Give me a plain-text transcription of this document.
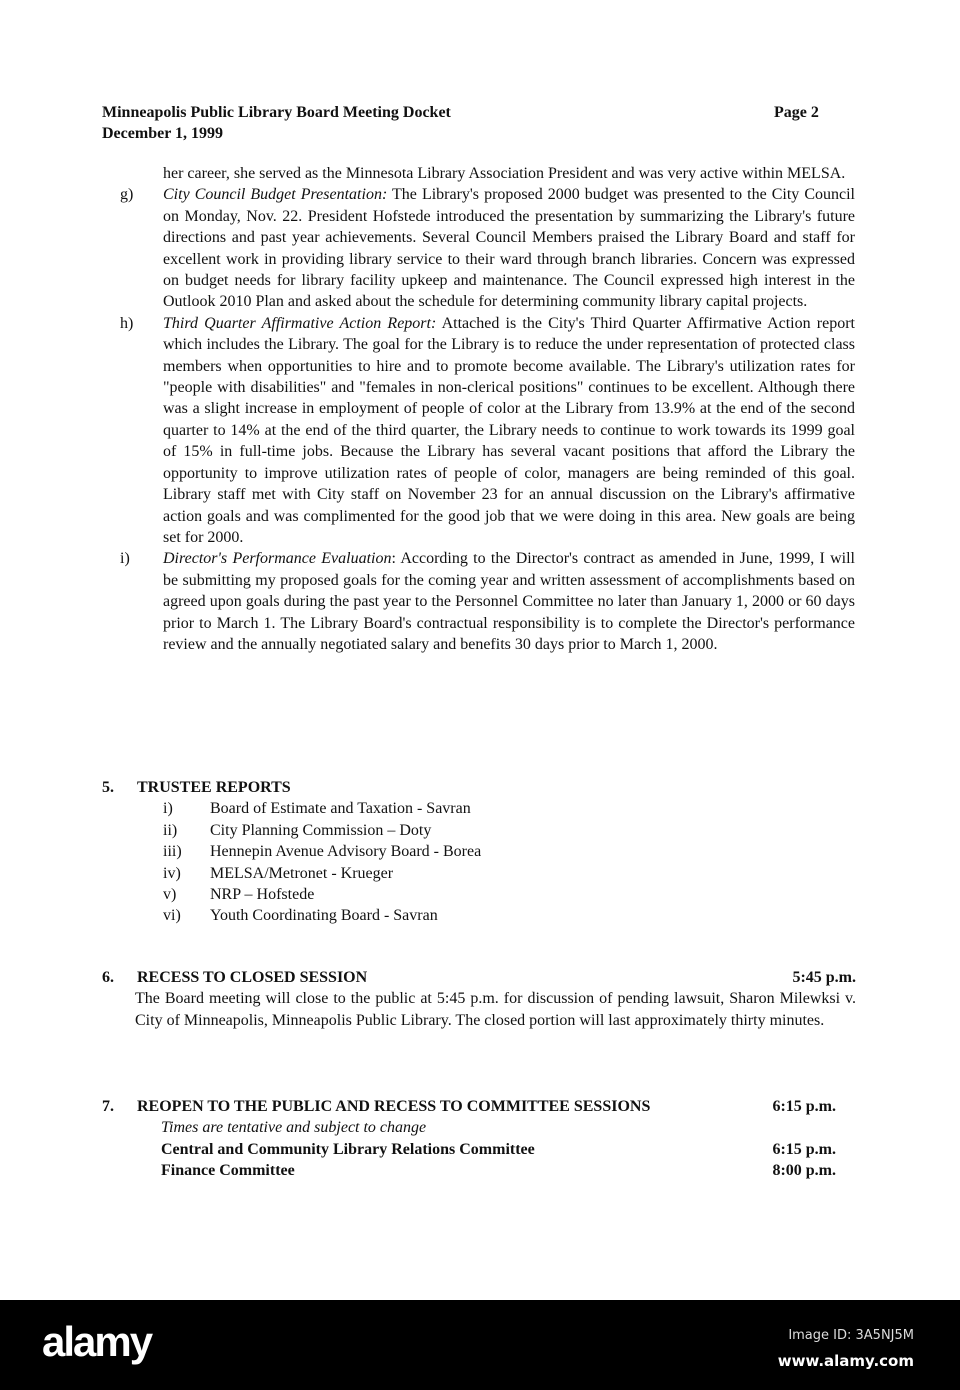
Minneapolis Public Library Board Meeting Docket
December 1, 1999
Page 2
her career, she served as the Minnesota Library Association President and was very active within MELSA.
g)	City Council Budget Presentation: The Library's proposed 2000 budget was presented to the City Council on Monday, Nov. 22. President Hofstede introduced the presentation by summarizing the Library's future directions and past year achievements. Several Council Members praised the Library Board and staff for excellent work in providing library service to their ward through branch libraries. Concern was expressed on budget needs for library facility upkeep and maintenance. The Council expressed high interest in the Outlook 2010 Plan and asked about the schedule for determining community library capital projects.
h)	Third Quarter Affirmative Action Report: Attached is the City's Third Quarter Affirmative Action report which includes the Library. The goal for the Library is to reduce the under representation of protected class members when opportunities to hire and to promote become available. The Library's utilization rates for "people with disabilities" and "females in non-clerical positions" continues to be excellent. Although there was a slight increase in employment of people of color at the Library from 13.9% at the end of the second quarter to 14% at the end of the third quarter, the Library needs to continue to work towards its 1999 goal of 15% in full-time jobs. Because the Library has several vacant positions that afford the Library the opportunity to improve utilization rates of people of color, managers are being reminded of this goal. Library staff met with City staff on November 23 for an annual discussion on the Library's affirmative action goals and was complimented for the good job that we were doing in this area. New goals are being set for 2000.
i)	Director's Performance Evaluation: According to the Director's contract as amended in June, 1999, I will be submitting my proposed goals for the coming year and written assessment of accomplishments based on agreed upon goals during the past year to the Personnel Committee no later than January 1, 2000 or 60 days prior to March 1. The Library Board's contractual responsibility is to complete the Director's performance review and the annually negotiated salary and benefits 30 days prior to March 1, 2000.
5. TRUSTEE REPORTS
i) Board of Estimate and Taxation - Savran
ii) City Planning Commission – Doty
iii) Hennepin Avenue Advisory Board - Borea
iv) MELSA/Metronet - Krueger
v) NRP – Hofstede
vi) Youth Coordinating Board - Savran
6. RECESS TO CLOSED SESSION	5:45 p.m.
The Board meeting will close to the public at 5:45 p.m. for discussion of pending lawsuit, Sharon Milewksi v. City of Minneapolis, Minneapolis Public Library. The closed portion will last approximately thirty minutes.
7. REOPEN TO THE PUBLIC AND RECESS TO COMMITTEE SESSIONS	6:15 p.m.
Times are tentative and subject to change
Central and Community Library Relations Committee	6:15 p.m.
Finance Committee	8:00 p.m.
alamy	Image ID: 3A5NJ5M
www.alamy.com
